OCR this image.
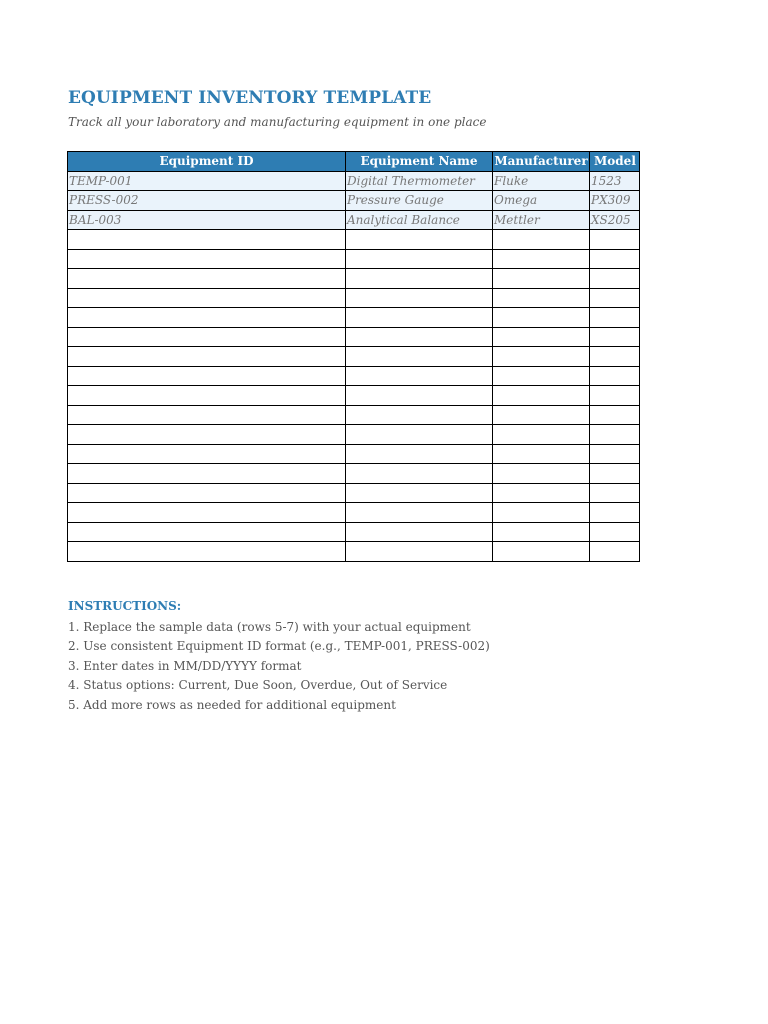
EQUIPMENT INVENTORY TEMPLATE
Track all your laboratory and manufacturing equipment in one place
Equipment ID	Equipment Name	Manufacturer	Model
TEMP-001	Digital Thermometer	Fluke	1523
PRESS-002	Pressure Gauge	Omega	PX309
BAL-003	Analytical Balance	Mettler	XS205

INSTRUCTIONS:
1. Replace the sample data (rows 5-7) with your actual equipment
2. Use consistent Equipment ID format (e.g., TEMP-001, PRESS-002)
3. Enter dates in MM/DD/YYYY format
4. Status options: Current, Due Soon, Overdue, Out of Service
5. Add more rows as needed for additional equipment
